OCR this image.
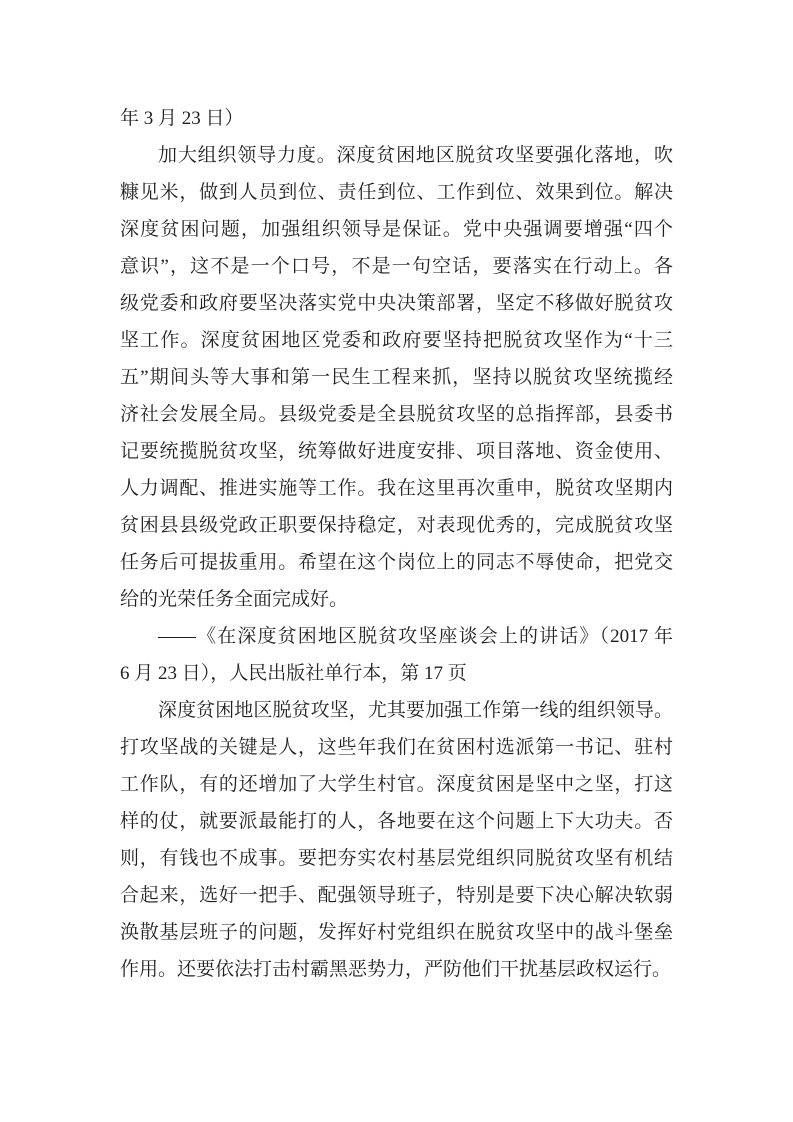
年 3 月 23 日）
加大组织领导力度。深度贫困地区脱贫攻坚要强化落地，吹
糠见米，做到人员到位、责任到位、工作到位、效果到位。解决
深度贫困问题，加强组织领导是保证。党中央强调要增强“四个
意识”，这不是一个口号，不是一句空话，要落实在行动上。各
级党委和政府要坚决落实党中央决策部署，坚定不移做好脱贫攻
坚工作。深度贫困地区党委和政府要坚持把脱贫攻坚作为“十三
五”期间头等大事和第一民生工程来抓，坚持以脱贫攻坚统揽经
济社会发展全局。县级党委是全县脱贫攻坚的总指挥部，县委书
记要统揽脱贫攻坚，统筹做好进度安排、项目落地、资金使用、
人力调配、推进实施等工作。我在这里再次重申，脱贫攻坚期内
贫困县县级党政正职要保持稳定，对表现优秀的，完成脱贫攻坚
任务后可提拔重用。希望在这个岗位上的同志不辱使命，把党交
给的光荣任务全面完成好。
——《在深度贫困地区脱贫攻坚座谈会上的讲话》（2017 年
6 月 23 日），人民出版社单行本，第 17 页
深度贫困地区脱贫攻坚，尤其要加强工作第一线的组织领导。
打攻坚战的关键是人，这些年我们在贫困村选派第一书记、驻村
工作队，有的还增加了大学生村官。深度贫困是坚中之坚，打这
样的仗，就要派最能打的人，各地要在这个问题上下大功夫。否
则，有钱也不成事。要把夯实农村基层党组织同脱贫攻坚有机结
合起来，选好一把手、配强领导班子，特别是要下决心解决软弱
涣散基层班子的问题，发挥好村党组织在脱贫攻坚中的战斗堡垒
作用。还要依法打击村霸黑恶势力，严防他们干扰基层政权运行。
